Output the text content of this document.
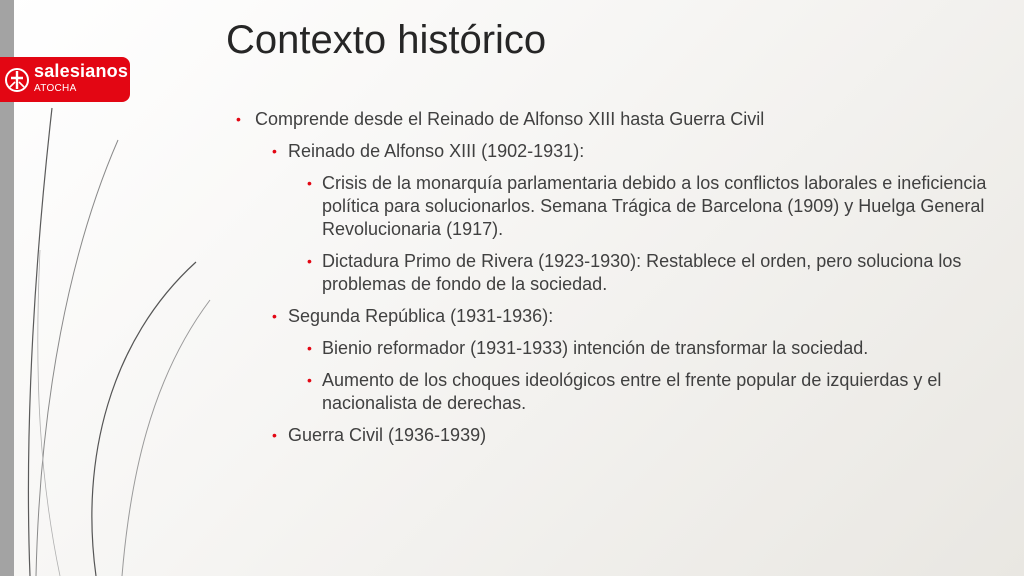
salesianos
ATOCHA
Contexto histórico
• Comprende desde el Reinado de Alfonso XIII hasta Guerra Civil
• Reinado de Alfonso XIII (1902-1931):
• Crisis de la monarquía parlamentaria debido a los conflictos laborales e ineficiencia política para solucionarlos. Semana Trágica de Barcelona (1909) y Huelga General Revolucionaria (1917).
• Dictadura Primo de Rivera (1923-1930): Restablece el orden, pero soluciona los problemas de fondo de la sociedad.
• Segunda República (1931-1936):
• Bienio reformador (1931-1933) intención de transformar la sociedad.
• Aumento de los choques ideológicos entre el frente popular de izquierdas y el nacionalista de derechas.
• Guerra Civil (1936-1939)
